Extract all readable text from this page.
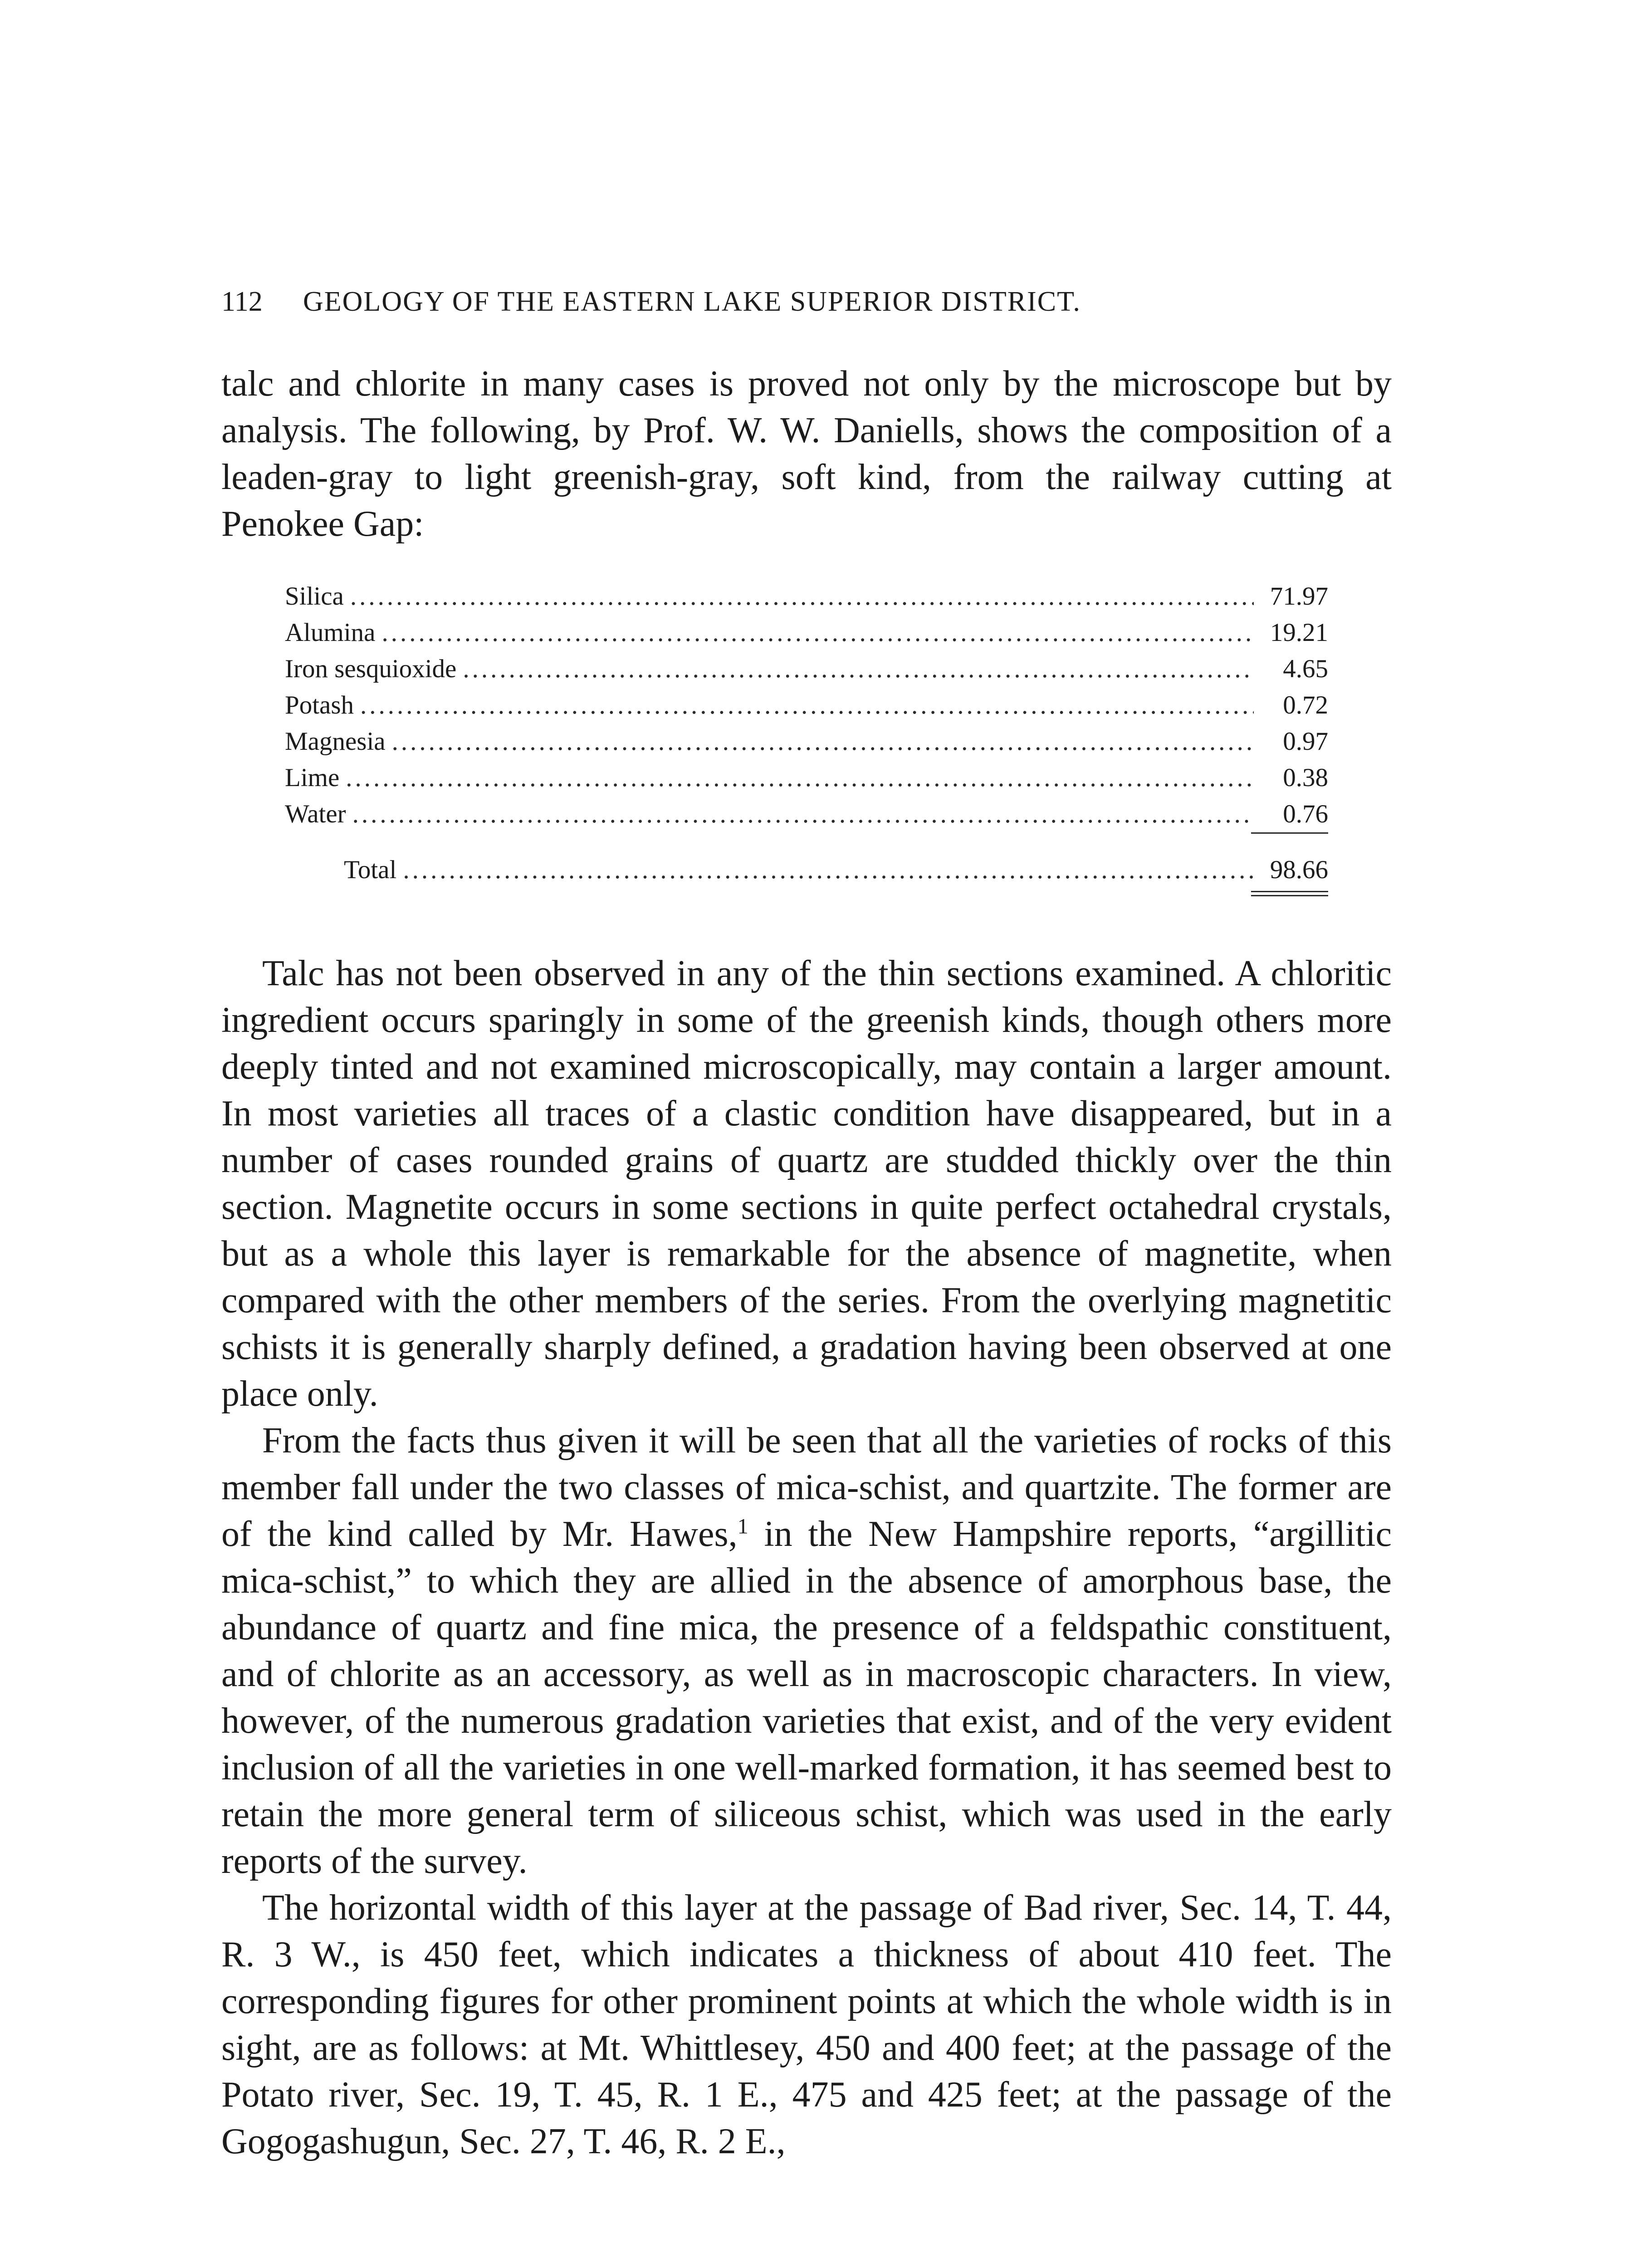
112 GEOLOGY OF THE EASTERN LAKE SUPERIOR DISTRICT.

talc and chlorite in many cases is proved not only by the microscope but by analysis. The following, by Prof. W. W. Daniells, shows the composition of a leaden-gray to light greenish-gray, soft kind, from the railway cutting at Penokee Gap:

Silica .....	71.97
Alumina .....	19.21
Iron sesquioxide .....	4.65
Potash .....	0.72
Magnesia .....	0.97
Lime .....	0.38
Water .....	0.76
Total .....	98.66

Talc has not been observed in any of the thin sections examined. A chloritic ingredient occurs sparingly in some of the greenish kinds, though others more deeply tinted and not examined microscopically, may contain a larger amount. In most varieties all traces of a clastic condition have disappeared, but in a number of cases rounded grains of quartz are studded thickly over the thin section. Magnetite occurs in some sections in quite perfect octahedral crystals, but as a whole this layer is remarkable for the absence of magnetite, when compared with the other members of the series. From the overlying magnetitic schists it is generally sharply defined, a gradation having been observed at one place only.

From the facts thus given it will be seen that all the varieties of rocks of this member fall under the two classes of mica-schist, and quartzite. The former are of the kind called by Mr. Hawes,$^1$ in the New Hampshire reports, “argillitic mica-schist,” to which they are allied in the absence of amorphous base, the abundance of quartz and fine mica, the presence of a feldspathic constituent, and of chlorite as an accessory, as well as in macroscopic characters. In view, however, of the numerous gradation varieties that exist, and of the very evident inclusion of all the varieties in one well-marked formation, it has seemed best to retain the more general term of siliceous schist, which was used in the early reports of the survey.

The horizontal width of this layer at the passage of Bad river, Sec. 14, T. 44, R. 3 W., is 450 feet, which indicates a thickness of about 410 feet. The corresponding figures for other prominent points at which the whole width is in sight, are as follows: at Mt. Whittlesey, 450 and 400 feet; at the passage of the Potato river, Sec. 19, T. 45, R. 1 E., 475 and 425 feet; at the passage of the Gogogashugun, Sec. 27, T. 46, R. 2 E.,
